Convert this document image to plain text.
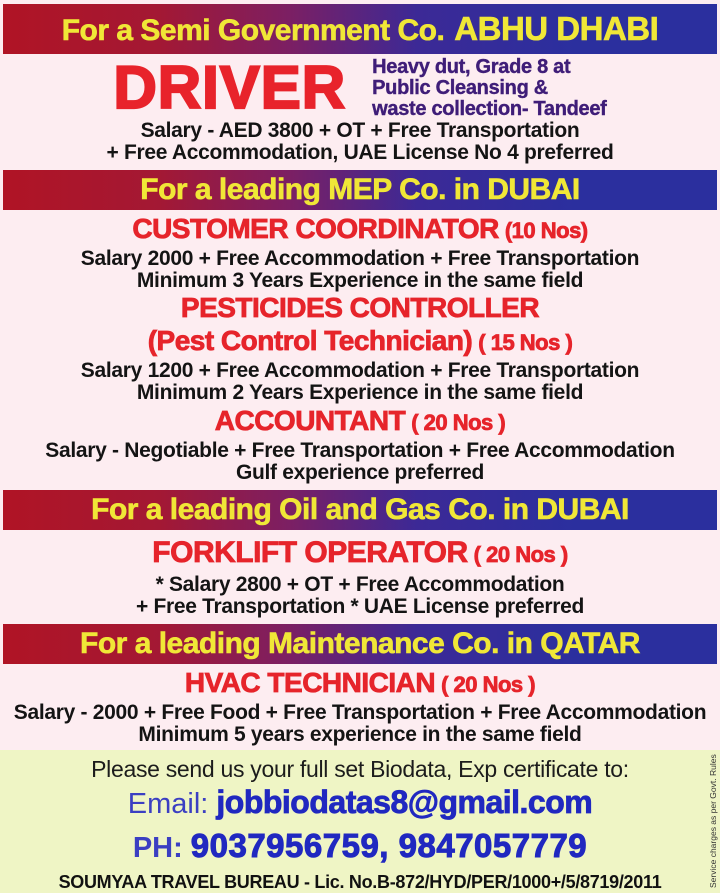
For a Semi Government Co. ABHU DHABI
DRIVER Heavy dut, Grade 8 at
Public Cleansing &
waste collection- Tandeef
Salary - AED 3800 + OT + Free Transportation
+ Free Accommodation, UAE License No 4 preferred
For a leading MEP Co. in DUBAI
CUSTOMER COORDINATOR (10 Nos)
Salary 2000 + Free Accommodation + Free Transportation
Minimum 3 Years Experience in the same field
PESTICIDES CONTROLLER
(Pest Control Technician) ( 15 Nos )
Salary 1200 + Free Accommodation + Free Transportation
Minimum 2 Years Experience in the same field
ACCOUNTANT ( 20 Nos )
Salary - Negotiable + Free Transportation + Free Accommodation
Gulf experience preferred
For a leading Oil and Gas Co. in DUBAI
FORKLIFT OPERATOR ( 20 Nos )
* Salary 2800 + OT + Free Accommodation
+ Free Transportation * UAE License preferred
For a leading Maintenance Co. in QATAR
HVAC TECHNICIAN ( 20 Nos )
Salary - 2000 + Free Food + Free Transportation + Free Accommodation
Minimum 5 years experience in the same field
Please send us your full set Biodata, Exp certificate to:
Email: jobbiodatas8@gmail.com
PH: 9037956759, 9847057779
SOUMYAA TRAVEL BUREAU - Lic. No.B-872/HYD/PER/1000+/5/8719/2011	Service charges as per Govt. Rules
